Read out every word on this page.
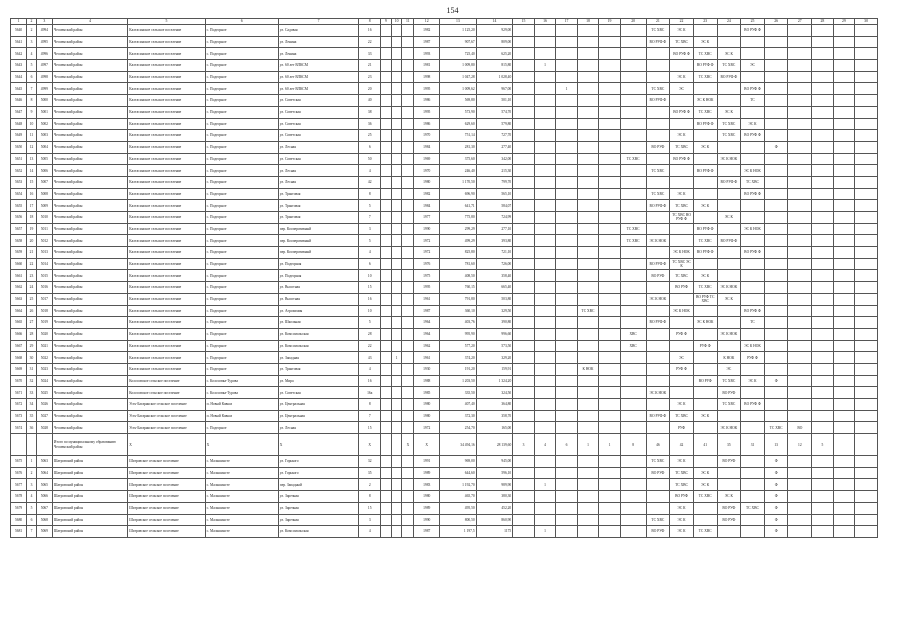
154
1	2	3	4	5	6	7	8	9	10	11	12	13	14	15	16	17	18	19	20	21	22	23	24	25	26	27	28	29	30
5640	2	4994	Чесменский район	Калтасинское сельское поселение	с. Подгорное	ул. Садовая	16				1982	1 125,20	929,00							ТС ХВС	ЭС К			ВО РУФ Ф					
5641	3	4995	Чесменский район	Калтасинское сельское поселение	с. Подгорное	ул. Ленина	22				1987	907,67	809,00							ВО РУФ Ф	ТС ХВС	ЭС К							
5642	4	4996	Чесменский район	Калтасинское сельское поселение	с. Подгорное	ул. Ленина	33				1993	725,40	625,20								ВО РУФ Ф	ТС ХВС	ЭС К						
5643	5	4997	Чесменский район	Калтасинское сельское поселение	с. Подгорное	ул. 60 лет ВЛКСМ	21				1981	1 009,80	815,80		1							ВО РУФ Ф	ТС ХВС	ЭС					
5644	6	4998	Чесменский район	Калтасинское сельское поселение	с. Подгорное	ул. 60 лет ВЛКСМ	23				1998	1 047,28	1 028,40								ЭС К	ТС ХВС	ВО РУФ Ф						
5645	7	4999	Чесменский район	Калтасинское сельское поселение	с. Подгорное	ул. 60 лет ВЛКСМ	20				1995	1 009,62	967,00			1				ТС ХВС	ЭС			ВО РУФ Ф					
5646	8	5000	Чесменский район	Калтасинское сельское поселение	с. Подгорное	ул. Советская	40				1986	569,80	501,10							ВО РУФ Ф		ЭС К НОК		ТС					
5647	9	5001	Чесменский район	Калтасинское сельское поселение	с. Подгорное	ул. Советская	38				1995	573,90	574,70								ВО РУФ Ф	ТС ХВС	ЭС К						
5648	10	5002	Чесменский район	Калтасинское сельское поселение	с. Подгорное	ул. Советская	36				1986	629,60	579,80									ВО РУФ Ф	ТС ХВС	ЭС К					
5649	11	5003	Чесменский район	Калтасинское сельское поселение	с. Подгорное	ул. Советская	25				1970	751,14	727,70								ЭС К		ТС ХВС	ВО РУФ Ф					
5650	12	5004	Чесменский район	Калтасинское сельское поселение	с. Подгорное	ул. Лесная	6				1984	281,30	277,40							ВО РУФ	ТС ХВС	ЭС К			Ф				
5651	13	5005	Чесменский район	Калтасинское сельское поселение	с. Подгорное	ул. Советская	50				1969	375,60	342,00						ТС ХВС		ВО РУФ Ф		ЭС К НОК						
5652	14	5006	Чесменский район	Калтасинское сельское поселение	с. Подгорное	ул. Лесная	4				1970	246,40	215,30							ТС ХВС		ВО РУФ Ф		ЭС К НОК					
5653	15	5007	Чесменский район	Калтасинское сельское поселение	с. Подгорное	ул. Лесная	42				1980	1 170,50	799,70										ВО РУФ Ф	ТС ХВС					
5654	16	5008	Чесменский район	Калтасинское сельское поселение	с. Подгорное	ул. Трактовая	8				1982	696,90	565,10							ТС ХВС	ЭС К			ВО РУФ Ф					
5655	17	5009	Чесменский район	Калтасинское сельское поселение	с. Подгорное	ул. Трактовая	5				1984	641,71	584,07							ВО РУФ Ф	ТС ХВС	ЭС К							
5656	18	5010	Чесменский район	Калтасинское сельское поселение	с. Подгорное	ул. Трактовая	7				1977	775,80	724,99								ТС ХВС ВО РУФ Ф		ЭС К						
5657	19	5011	Чесменский район	Калтасинское сельское поселение	с. Подгорное	пер. Кооперативный	3				1990	299,29	277,10						ТС ХВС			ВО РУФ Ф		ЭС К НОК					
5658	20	5012	Чесменский район	Калтасинское сельское поселение	с. Подгорное	пер. Кооперативный	5				1972	499,29	393,80						ТС ХВС	ЭС К НОК		ТС ХВС	ВО РУФ Ф						
5659	21	5013	Чесменский район	Калтасинское сельское поселение	с. Подгорное	пер. Кооперативный	4				1972	825,80	721,10								ЭС К НОК	ВО РУФ Ф		ВО РУФ Ф					
5660	22	5014	Чесменский район	Калтасинское сельское поселение	с. Подгорное	ул. Подгорная	6				1976	781,60	726,00							ВО РУФ Ф	ТС ХВС ЭС К								
5661	23	5015	Чесменский район	Калтасинское сельское поселение	с. Подгорное	ул. Подгорная	10				1975	408,50	358,40							ВО РУФ	ТС ХВС	ЭС К							
5662	24	5016	Чесменский район	Калтасинское сельское поселение	с. Подгорное	ул. Высотная	15				1995	760,15	665,40								ВО РУФ	ТС ХВС	ЭС К НОК						
5663	25	5017	Чесменский район	Калтасинское сельское поселение	с. Подгорное	ул. Высотная	16				1961	791,80	503,80							ЭС К НОК		ВО РУФ ТС ХВС	ЭС К						
5664	26	5018	Чесменский район	Калтасинское сельское поселение	с. Подгорное	ул. Агрохимия	10				1987	360,10	329,50				ТС ХВС				ЭС К НОК			ВО РУФ Ф					
5665	27	5019	Чесменский район	Калтасинское сельское поселение	с. Подгорное	ул. Школьная	5				1964	403,76	390,80							ВО РУФ Ф		ЭС К НОК		ТС					
5666	28	5020	Чесменский район	Калтасинское сельское поселение	с. Подгорное	ул. Комсомольская	28				1964	995,90	996,60						ХВС		РУФ Ф		ЭС К НОК						
5667	29	5021	Чесменский район	Калтасинское сельское поселение	с. Подгорное	ул. Комсомольская	22				1962	577,20	573,50						ХВС			РУФ Ф		ЭС К НОК					
5668	30	5022	Чесменский район	Калтасинское сельское поселение	с. Подгорное	ул. Западная	43		1		1961	374,20	329,20								ЭС		К НОК	РУФ Ф					
5669	31	5023	Чесменский район	Калтасинское сельское поселение	с. Подгорное	ул. Трактовая	4				1930	191,20	159,91				К НОК				РУФ Ф		ЭС						
5670	32	5024	Чесменский район	Колосовское сельское поселение	с. Колосовка-Турова	ул. Мира	16				1988	1 203,50	1 324,20									ВО РУФ	ТС ХВС	ЭС К	Ф				
5671	33	5025	Чесменский район	Колосовское сельское поселение	с. Колосовка-Турова	ул. Советская	16а				1985	335,50	324,50							ЭС К НОК			ВО РУФ						
5672	34	5026	Чесменский район	Усть-Багарякское сельское поселение	п. Новый Кавказ	ул. Центральная	8				1980	407,40	364,80								ЭС К		ТС ХВС	ВО РУФ Ф					
5673	35	5027	Чесменский район	Усть-Багарякское сельское поселение	п. Новый Кавказ	ул. Центральная	7				1980	372,30	358,70							ВО РУФ Ф	ТС ХВС	ЭС К							
5674	36	5028	Чесменский район	Усть-Багарякское сельское поселение	с. Подгорное	ул. Лесная	15				1972	254,70	165,00								РУФ		ЭС К НОК		ТС ХВС	ВО			
			Итого по муниципальному образованию Чесменский район	X	X	X	X			X	X	34 494,16	28 139,60	3	4	6	1	1	8	46	42	41	35	31	13	12	5		
5675	1	5063	Шатровский район	Шатровское сельское поселение	с. Мальшинсте	ул. Горького	32				1991	969,00	945,00							ТС ХВС	ЭС К		ВО РУФ		Ф				
5676	2	5064	Шатровский район	Шатровское сельское поселение	с. Мальшинсте	ул. Горького	35				1989	644,60	596,10							ВО РУФ	ТС ХВС	ЭС К			Ф				
5677	3	5065	Шатровский район	Шатровское сельское поселение	с. Мальшинсте	пер. Западный	2				1983	1 192,70	989,90		1						ТС ХВС	ЭС К			Ф				
5678	4	5066	Шатровский район	Шатровское сельское поселение	с. Мальшинсте	ул. Заречная	8				1980	465,70	380,30								ВО РУФ	ТС ХВС	ЭС К		Ф				
5679	5	5067	Шатровский район	Шатровское сельское поселение	с. Мальшинсте	ул. Заречная	15				1989	495,50	452,20								ЭС К		ВО РУФ	ТС ХВС	Ф				
5680	6	5068	Шатровский район	Шатровское сельское поселение	с. Мальшинсте	ул. Заречная	3				1990	800,50	860,90							ТС ХВС	ЭС К		ВО РУФ		Ф				
5681	7	5069	Шатровский район	Шатровское сельское поселение	с. Мальшинсте	ул. Комсомольская	4				1987	1 197,5	1175		1					ВО РУФ	ЭС К	ТС ХВС			Ф				
